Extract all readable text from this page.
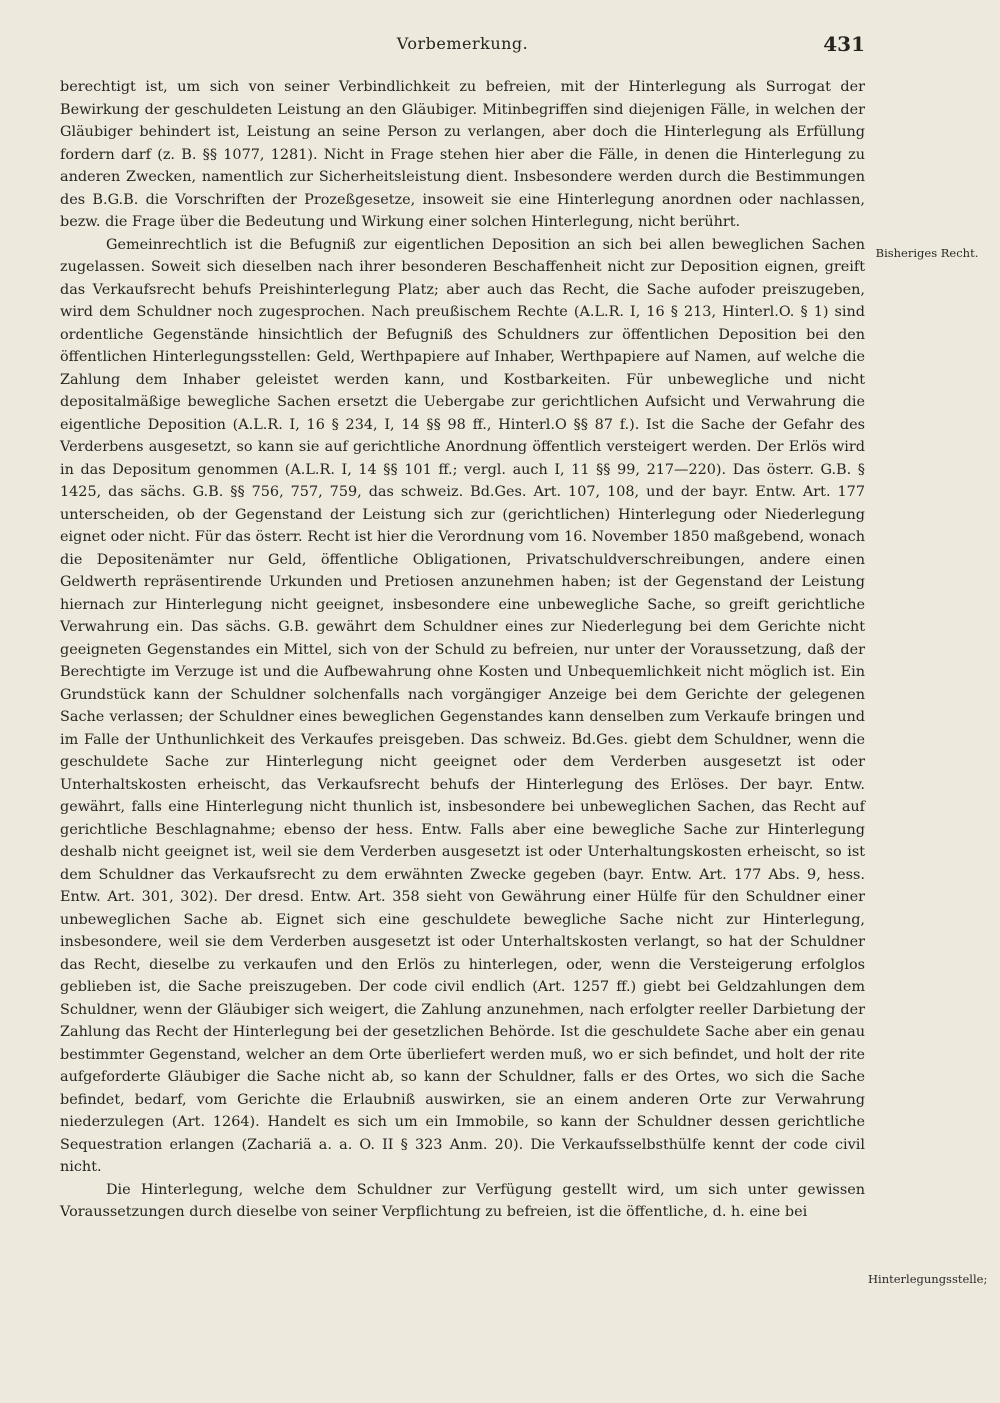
Vorbemerkung.	431

berechtigt ist, um sich von seiner Verbindlichkeit zu befreien, mit der Hinterlegung als Surrogat der Bewirkung der geschuldeten Leistung an den Gläubiger. Mitinbegriffen sind diejenigen Fälle, in welchen der Gläubiger behindert ist, Leistung an seine Person zu verlangen, aber doch die Hinterlegung als Erfüllung fordern darf (z. B. §§ 1077, 1281). Nicht in Frage stehen hier aber die Fälle, in denen die Hinterlegung zu anderen Zwecken, namentlich zur Sicherheitsleistung dient. Insbesondere werden durch die Bestimmungen des B.G.B. die Vorschriften der Prozeßgesetze, insoweit sie eine Hinterlegung anordnen oder nachlassen, bezw. die Frage über die Bedeutung und Wirkung einer solchen Hinterlegung, nicht berührt.

Gemeinrechtlich ist die Befugniß zur eigentlichen Deposition an sich bei allen beweglichen Sachen zugelassen. Soweit sich dieselben nach ihrer besonderen Beschaffenheit nicht zur Deposition eignen, greift das Verkaufsrecht behufs Preishinterlegung Platz; aber auch das Recht, die Sache aufoder preiszugeben, wird dem Schuldner noch zugesprochen. Nach preußischem Rechte (A.L.R. I, 16 § 213, Hinterl.O. § 1) sind ordentliche Gegenstände hinsichtlich der Befugniß des Schuldners zur öffentlichen Deposition bei den öffentlichen Hinterlegungsstellen: Geld, Werthpapiere auf Inhaber, Werthpapiere auf Namen, auf welche die Zahlung dem Inhaber geleistet werden kann, und Kostbarkeiten. Für unbewegliche und nicht depositalmäßige bewegliche Sachen ersetzt die Uebergabe zur gerichtlichen Aufsicht und Verwahrung die eigentliche Deposition (A.L.R. I, 16 § 234, I, 14 §§ 98 ff., Hinterl.O §§ 87 f.). Ist die Sache der Gefahr des Verderbens ausgesetzt, so kann sie auf gerichtliche Anordnung öffentlich versteigert werden. Der Erlös wird in das Depositum genommen (A.L.R. I, 14 §§ 101 ff.; vergl. auch I, 11 §§ 99, 217—220). Das österr. G.B. § 1425, das sächs. G.B. §§ 756, 757, 759, das schweiz. Bd.Ges. Art. 107, 108, und der bayr. Entw. Art. 177 unterscheiden, ob der Gegenstand der Leistung sich zur (gerichtlichen) Hinterlegung oder Niederlegung eignet oder nicht. Für das österr. Recht ist hier die Verordnung vom 16. November 1850 maßgebend, wonach die Depositenämter nur Geld, öffentliche Obligationen, Privatschuldverschreibungen, andere einen Geldwerth repräsentirende Urkunden und Pretiosen anzunehmen haben; ist der Gegenstand der Leistung hiernach zur Hinterlegung nicht geeignet, insbesondere eine unbewegliche Sache, so greift gerichtliche Verwahrung ein. Das sächs. G.B. gewährt dem Schuldner eines zur Niederlegung bei dem Gerichte nicht geeigneten Gegenstandes ein Mittel, sich von der Schuld zu befreien, nur unter der Voraussetzung, daß der Berechtigte im Verzuge ist und die Aufbewahrung ohne Kosten und Unbequemlichkeit nicht möglich ist. Ein Grundstück kann der Schuldner solchenfalls nach vorgängiger Anzeige bei dem Gerichte der gelegenen Sache verlassen; der Schuldner eines beweglichen Gegenstandes kann denselben zum Verkaufe bringen und im Falle der Unthunlichkeit des Verkaufes preisgeben. Das schweiz. Bd.Ges. giebt dem Schuldner, wenn die geschuldete Sache zur Hinterlegung nicht geeignet oder dem Verderben ausgesetzt ist oder Unterhaltskosten erheischt, das Verkaufsrecht behufs der Hinterlegung des Erlöses. Der bayr. Entw. gewährt, falls eine Hinterlegung nicht thunlich ist, insbesondere bei unbeweglichen Sachen, das Recht auf gerichtliche Beschlagnahme; ebenso der hess. Entw. Falls aber eine bewegliche Sache zur Hinterlegung deshalb nicht geeignet ist, weil sie dem Verderben ausgesetzt ist oder Unterhaltungskosten erheischt, so ist dem Schuldner das Verkaufsrecht zu dem erwähnten Zwecke gegeben (bayr. Entw. Art. 177 Abs. 9, hess. Entw. Art. 301, 302). Der dresd. Entw. Art. 358 sieht von Gewährung einer Hülfe für den Schuldner einer unbeweglichen Sache ab. Eignet sich eine geschuldete bewegliche Sache nicht zur Hinterlegung, insbesondere, weil sie dem Verderben ausgesetzt ist oder Unterhaltskosten verlangt, so hat der Schuldner das Recht, dieselbe zu verkaufen und den Erlös zu hinterlegen, oder, wenn die Versteigerung erfolglos geblieben ist, die Sache preiszugeben. Der code civil endlich (Art. 1257 ff.) giebt bei Geldzahlungen dem Schuldner, wenn der Gläubiger sich weigert, die Zahlung anzunehmen, nach erfolgter reeller Darbietung der Zahlung das Recht der Hinterlegung bei der gesetzlichen Behörde. Ist die geschuldete Sache aber ein genau bestimmter Gegenstand, welcher an dem Orte überliefert werden muß, wo er sich befindet, und holt der rite aufgeforderte Gläubiger die Sache nicht ab, so kann der Schuldner, falls er des Ortes, wo sich die Sache befindet, bedarf, vom Gerichte die Erlaubniß auswirken, sie an einem anderen Orte zur Verwahrung niederzulegen (Art. 1264). Handelt es sich um ein Immobile, so kann der Schuldner dessen gerichtliche Sequestration erlangen (Zachariä a. a. O. II § 323 Anm. 20). Die Verkaufsselbsthülfe kennt der code civil nicht.

Die Hinterlegung, welche dem Schuldner zur Verfügung gestellt wird, um sich unter gewissen Voraussetzungen durch dieselbe von seiner Verpflichtung zu befreien, ist die öffentliche, d. h. eine bei

Bisheriges Recht.
Hinterlegungsstelle;
